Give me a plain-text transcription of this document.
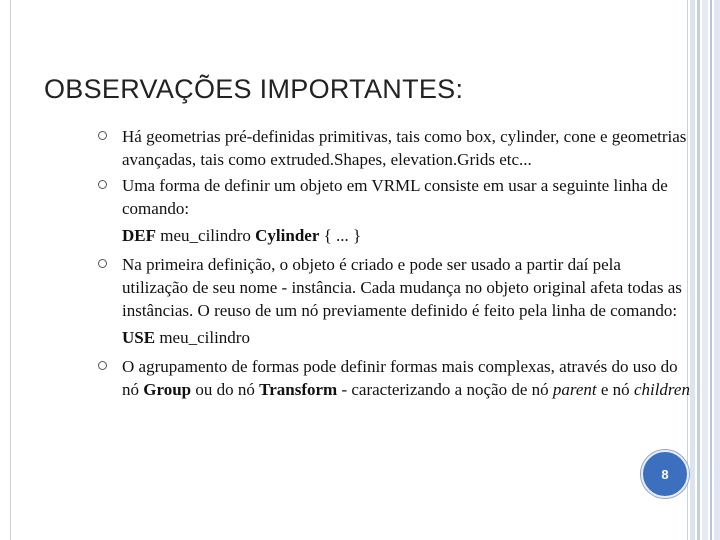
OBSERVAÇÕES IMPORTANTES:
Há geometrias pré-definidas primitivas, tais como box, cylinder, cone e geometrias avançadas, tais como extruded.Shapes, elevation.Grids etc...
Uma forma de definir um objeto em VRML consiste em usar a seguinte linha de comando:
DEF meu_cilindro Cylinder { ... }
Na primeira definição, o objeto é criado e pode ser usado a partir daí pela utilização de seu nome - instância. Cada mudança no objeto original afeta todas as instâncias. O reuso de um nó previamente definido é feito pela linha de comando:
USE meu_cilindro
O agrupamento de formas pode definir formas mais complexas, através do uso do nó Group ou do nó Transform - caracterizando a noção de nó parent e nó children
8
